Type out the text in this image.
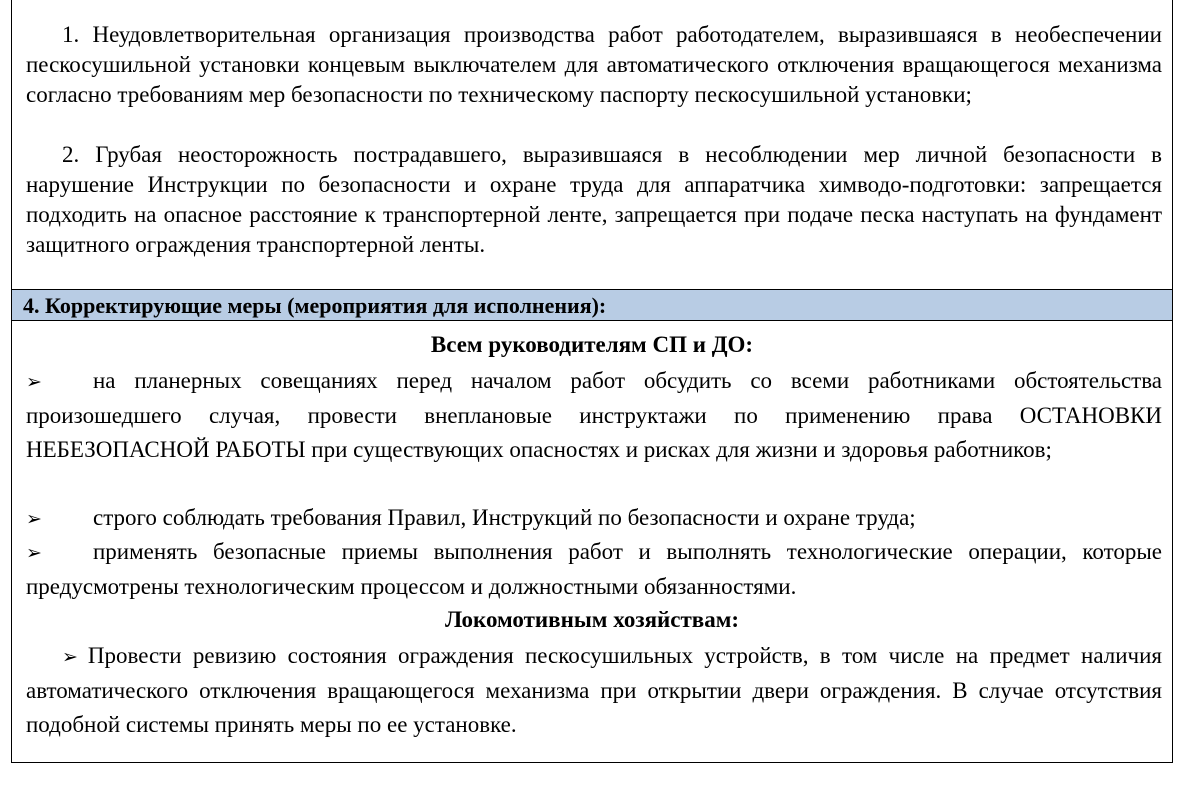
1. Неудовлетворительная организация производства работ работодателем, выразившаяся в необеспечении пескосушильной установки концевым выключателем для автоматического отключения вращающегося механизма согласно требованиям мер безопасности по техническому паспорту пескосушильной установки;

2. Грубая неосторожность пострадавшего, выразившаяся в несоблюдении мер личной безопасности в нарушение Инструкции по безопасности и охране труда для аппаратчика химводо-подготовки: запрещается подходить на опасное расстояние к транспортерной ленте, запрещается при подаче песка наступать на фундамент защитного ограждения транспортерной ленты.

4. Корректирующие меры (мероприятия для исполнения):
Всем руководителям СП и ДО:

➢ на планерных совещаниях перед началом работ обсудить со всеми работниками обстоятельства произошедшего случая, провести внеплановые инструктажи по применению права ОСТАНОВКИ НЕБЕЗОПАСНОЙ РАБОТЫ при существующих опасностях и рисках для жизни и здоровья работников;

➢ строго соблюдать требования Правил, Инструкций по безопасности и охране труда;

➢ применять безопасные приемы выполнения работ и выполнять технологические операции, которые предусмотрены технологическим процессом и должностными обязанностями.

Локомотивным хозяйствам:

➢ Провести ревизию состояния ограждения пескосушильных устройств, в том числе на предмет наличия автоматического отключения вращающегося механизма при открытии двери ограждения. В случае отсутствия подобной системы принять меры по ее установке.
